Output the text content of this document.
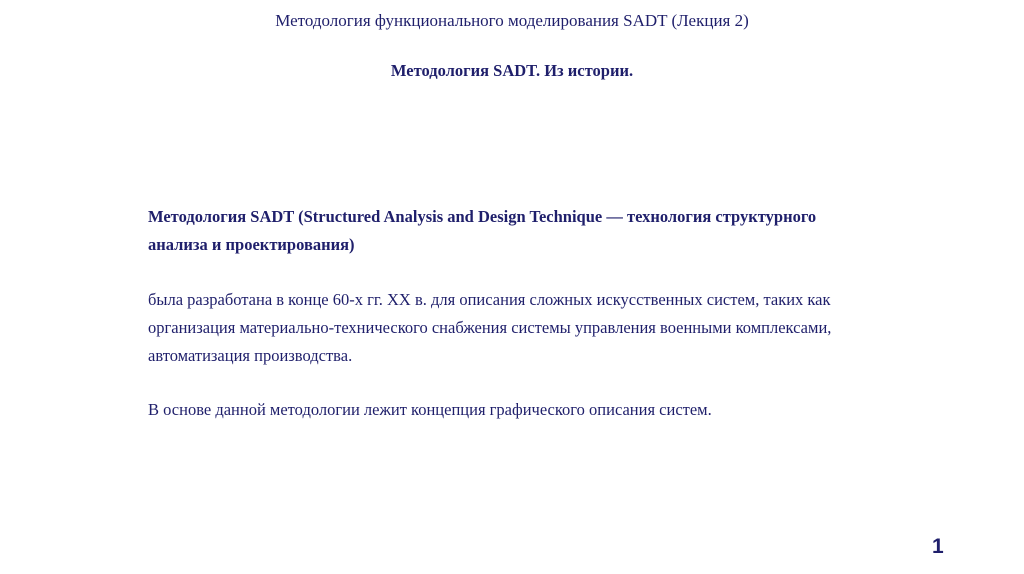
Методология функционального моделирования SADT (Лекция 2)
Методология SADT. Из истории.

Методология SADT (Structured Analysis and Design Technique — технология структурного анализа и проектирования)

была разработана в конце 60-х гг. XX в. для описания сложных искусственных систем, таких как организация материально-технического снабжения системы управления военными комплексами, автоматизация производства.

В основе данной методологии лежит концепция графического описания систем.

1
